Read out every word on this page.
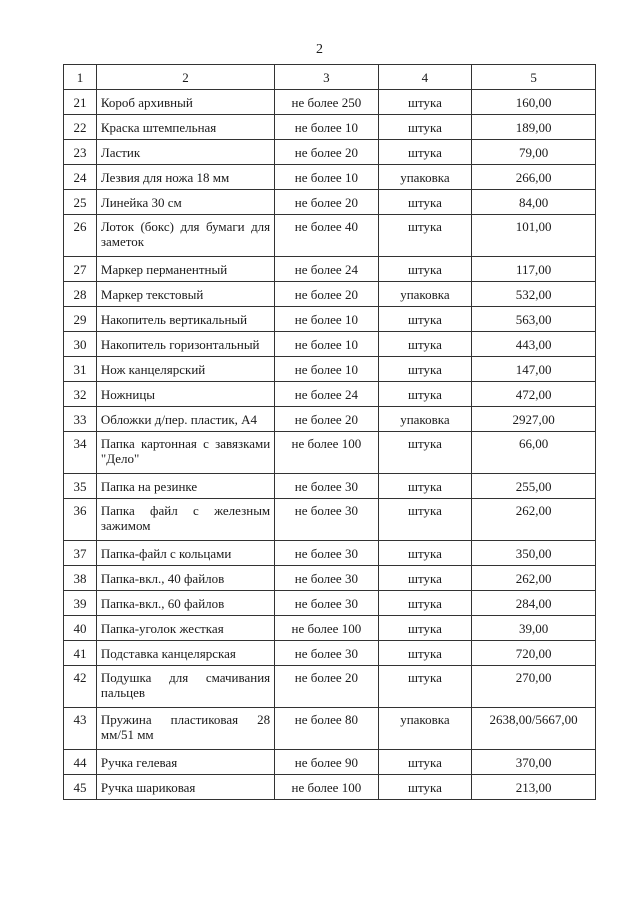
2
1	2	3	4	5
21	Короб архивный	не более 250	штука	160,00
22	Краска штемпельная	не более 10	штука	189,00
23	Ластик	не более 20	штука	79,00
24	Лезвия для ножа 18 мм	не более 10	упаковка	266,00
25	Линейка 30 см	не более 20	штука	84,00
26	Лоток (бокс) для бумаги для заметок	не более 40	штука	101,00
27	Маркер перманентный	не более 24	штука	117,00
28	Маркер текстовый	не более 20	упаковка	532,00
29	Накопитель вертикальный	не более 10	штука	563,00
30	Накопитель горизонтальный	не более 10	штука	443,00
31	Нож канцелярский	не более 10	штука	147,00
32	Ножницы	не более 24	штука	472,00
33	Обложки д/пер. пластик, А4	не более 20	упаковка	2927,00
34	Папка картонная с завязками "Дело"	не более 100	штука	66,00
35	Папка на резинке	не более 30	штука	255,00
36	Папка файл с железным зажимом	не более 30	штука	262,00
37	Папка-файл с кольцами	не более 30	штука	350,00
38	Папка-вкл., 40 файлов	не более 30	штука	262,00
39	Папка-вкл., 60 файлов	не более 30	штука	284,00
40	Папка-уголок жесткая	не более 100	штука	39,00
41	Подставка канцелярская	не более 30	штука	720,00
42	Подушка для смачивания пальцев	не более 20	штука	270,00
43	Пружина пластиковая 28 мм/51 мм	не более 80	упаковка	2638,00/5667,00
44	Ручка гелевая	не более 90	штука	370,00
45	Ручка шариковая	не более 100	штука	213,00
